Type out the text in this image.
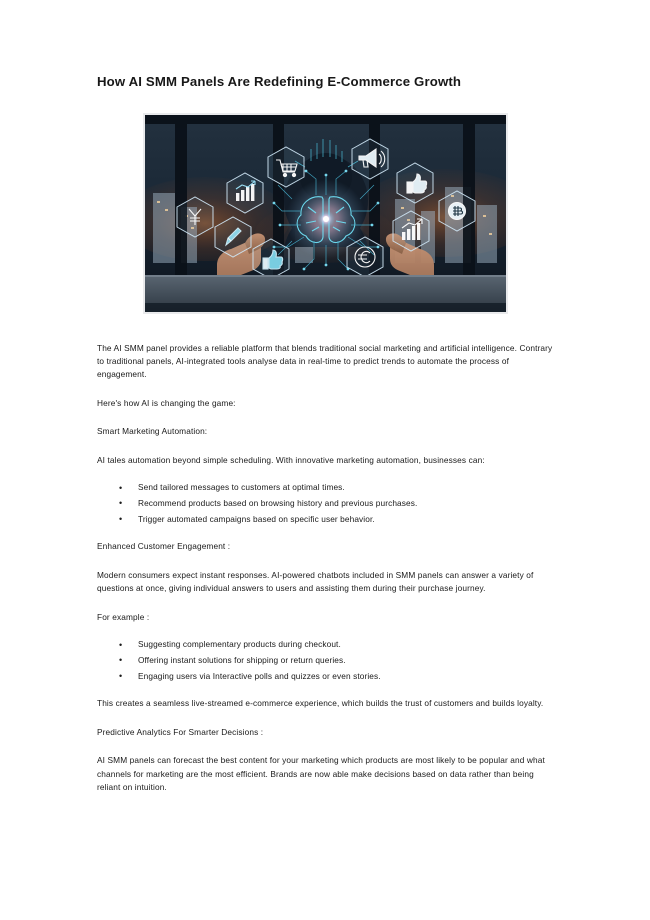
How AI SMM Panels Are Redefining E-Commerce Growth

The AI SMM panel provides a reliable platform that blends traditional social marketing and artificial intelligence. Contrary to traditional panels, AI-integrated tools analyse data in real-time to predict trends to automate the process of engagement.

Here's how AI is changing the game:

Smart Marketing Automation:

AI tales automation beyond simple scheduling. With innovative marketing automation, businesses can:

• Send tailored messages to customers at optimal times.
• Recommend products based on browsing history and previous purchases.
• Trigger automated campaigns based on specific user behavior.

Enhanced Customer Engagement :

Modern consumers expect instant responses. AI-powered chatbots included in SMM panels can answer a variety of questions at once, giving individual answers to users and assisting them during their purchase journey.

For example :

• Suggesting complementary products during checkout.
• Offering instant solutions for shipping or return queries.
• Engaging users via Interactive polls and quizzes or even stories.

This creates a seamless live-streamed e-commerce experience, which builds the trust of customers and builds loyalty.

Predictive Analytics For Smarter Decisions :

AI SMM panels can forecast the best content for your marketing which products are most likely to be popular and what channels for marketing are the most efficient. Brands are now able make decisions based on data rather than being reliant on intuition.
